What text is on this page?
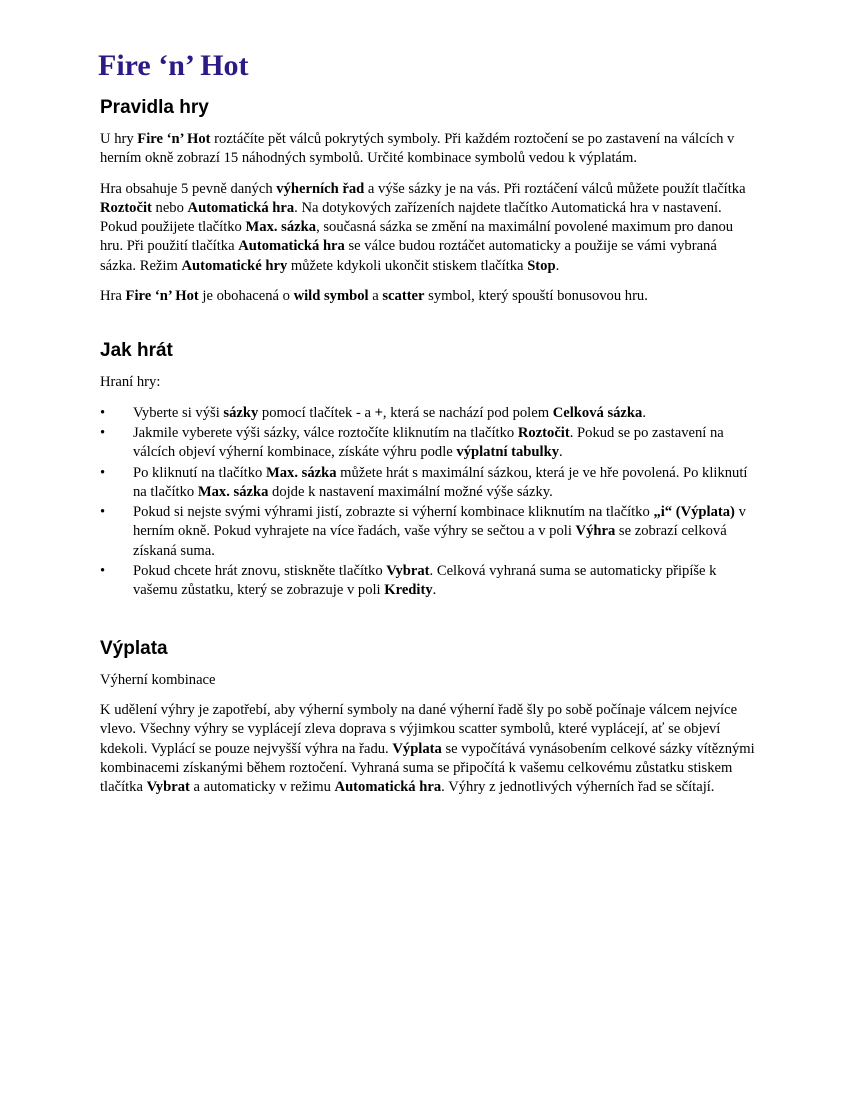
Fire ‘n’ Hot
Pravidla hry

U hry Fire ‘n’ Hot roztáčíte pět válců pokrytých symboly. Při každém roztočení se po zastavení na válcích v herním okně zobrazí 15 náhodných symbolů. Určité kombinace symbolů vedou k výplatám.

Hra obsahuje 5 pevně daných výherních řad a výše sázky je na vás. Při roztáčení válců můžete použít tlačítka Roztočit nebo Automatická hra. Na dotykových zařízeních najdete tlačítko Automatická hra v nastavení. Pokud použijete tlačítko Max. sázka, současná sázka se změní na maximální povolené maximum pro danou hru. Při použití tlačítka Automatická hra se válce budou roztáčet automaticky a použije se vámi vybraná sázka. Režim Automatické hry můžete kdykoli ukončit stiskem tlačítka Stop.

Hra Fire ‘n’ Hot je obohacená o wild symbol a scatter symbol, který spouští bonusovou hru.

Jak hrát

Hraní hry:

• Vyberte si výši sázky pomocí tlačítek - a +, která se nachází pod polem Celková sázka.
• Jakmile vyberete výši sázky, válce roztočíte kliknutím na tlačítko Roztočit. Pokud se po zastavení na válcích objeví výherní kombinace, získáte výhru podle výplatní tabulky.
• Po kliknutí na tlačítko Max. sázka můžete hrát s maximální sázkou, která je ve hře povolená. Po kliknutí na tlačítko Max. sázka dojde k nastavení maximální možné výše sázky.
• Pokud si nejste svými výhrami jistí, zobrazte si výherní kombinace kliknutím na tlačítko „i“ (Výplata) v herním okně. Pokud vyhrajete na více řadách, vaše výhry se sečtou a v poli Výhra se zobrazí celková získaná suma.
• Pokud chcete hrát znovu, stiskněte tlačítko Vybrat. Celková vyhraná suma se automaticky připíše k vašemu zůstatku, který se zobrazuje v poli Kredity.
Výplata

Výherní kombinace

K udělení výhry je zapotřebí, aby výherní symboly na dané výherní řadě šly po sobě počínaje válcem nejvíce vlevo. Všechny výhry se vyplácejí zleva doprava s výjimkou scatter symbolů, které vyplácejí, ať se objeví kdekoli. Vyplácí se pouze nejvyšší výhra na řadu. Výplata se vypočítává vynásobením celkové sázky vítěznými kombinacemi získanými během roztočení. Vyhraná suma se připočítá k vašemu celkovému zůstatku stiskem tlačítka Vybrat a automaticky v režimu Automatická hra. Výhry z jednotlivých výherních řad se sčítají.
